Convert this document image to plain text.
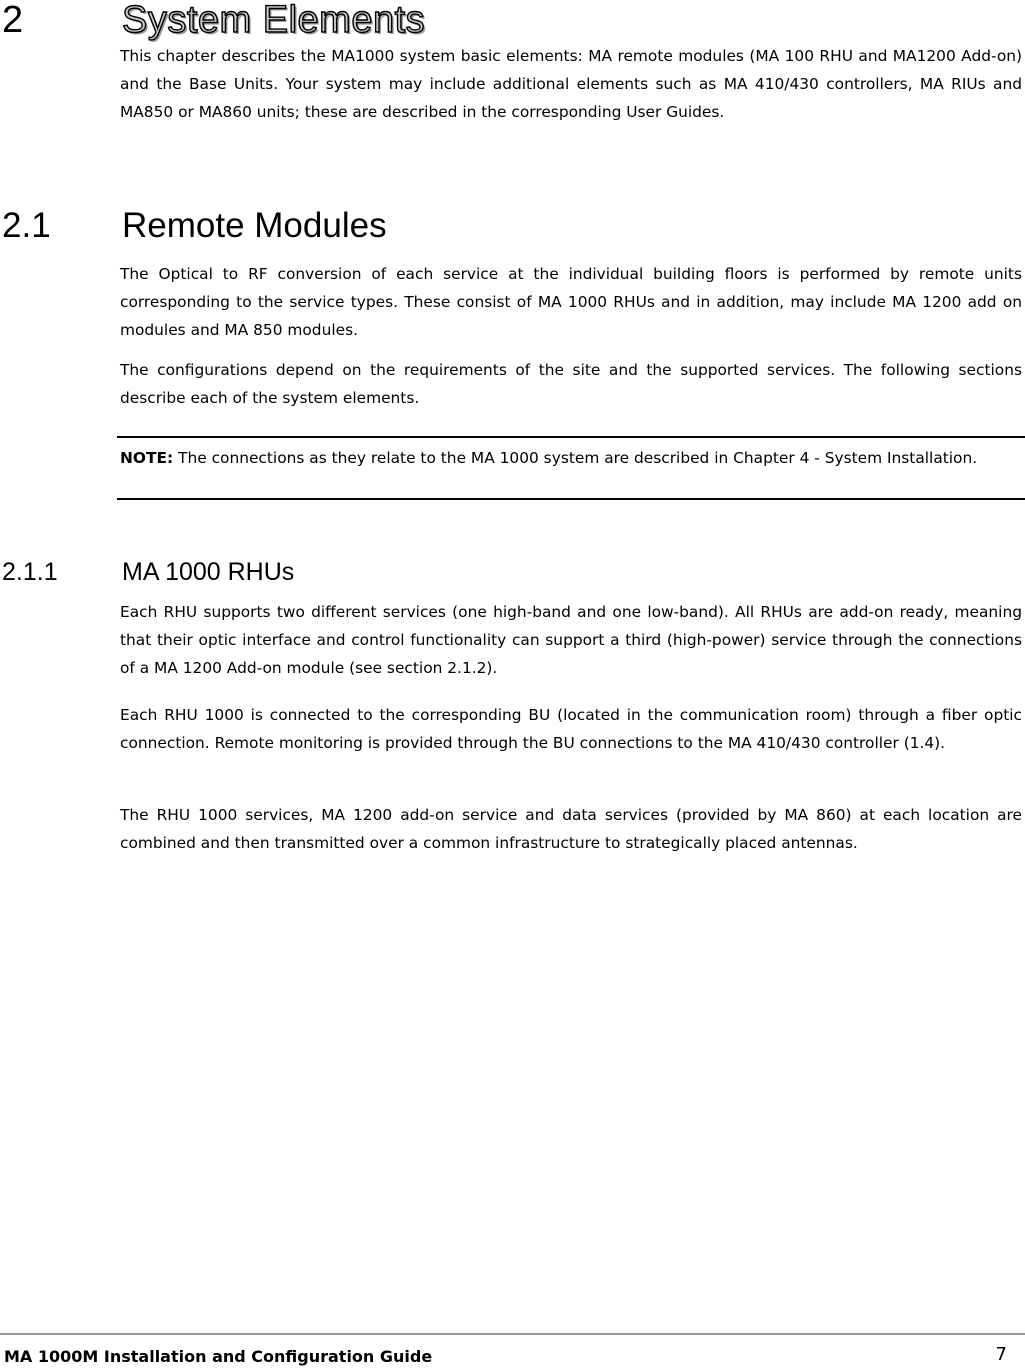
2	System Elements

This chapter describes the MA1000 system basic elements: MA remote modules (MA 100 RHU and MA1200 Add-on) and the Base Units. Your system may include additional elements such as MA 410/430 controllers, MA RIUs and MA850 or MA860 units; these are described in the corresponding User Guides.

2.1 Remote Modules

The Optical to RF conversion of each service at the individual building floors is performed by remote units corresponding to the service types. These consist of MA 1000 RHUs and in addition, may include MA 1200 add on modules and MA 850 modules.

The configurations depend on the requirements of the site and the supported services. The following sections describe each of the system elements.

NOTE: The connections as they relate to the MA 1000 system are described in Chapter 4 - System Installation.

2.1.1	MA 1000 RHUs

Each RHU supports two different services (one high-band and one low-band). All RHUs are add-on ready, meaning that their optic interface and control functionality can support a third (high-power) service through the connections of a MA 1200 Add-on module (see section 2.1.2).

Each RHU 1000 is connected to the corresponding BU (located in the communication room) through a fiber optic connection. Remote monitoring is provided through the BU connections to the MA 410/430 controller (1.4).

The RHU 1000 services, MA 1200 add-on service and data services (provided by MA 860) at each location are combined and then transmitted over a common infrastructure to strategically placed antennas.

MA 1000M Installation and Configuration Guide	7
